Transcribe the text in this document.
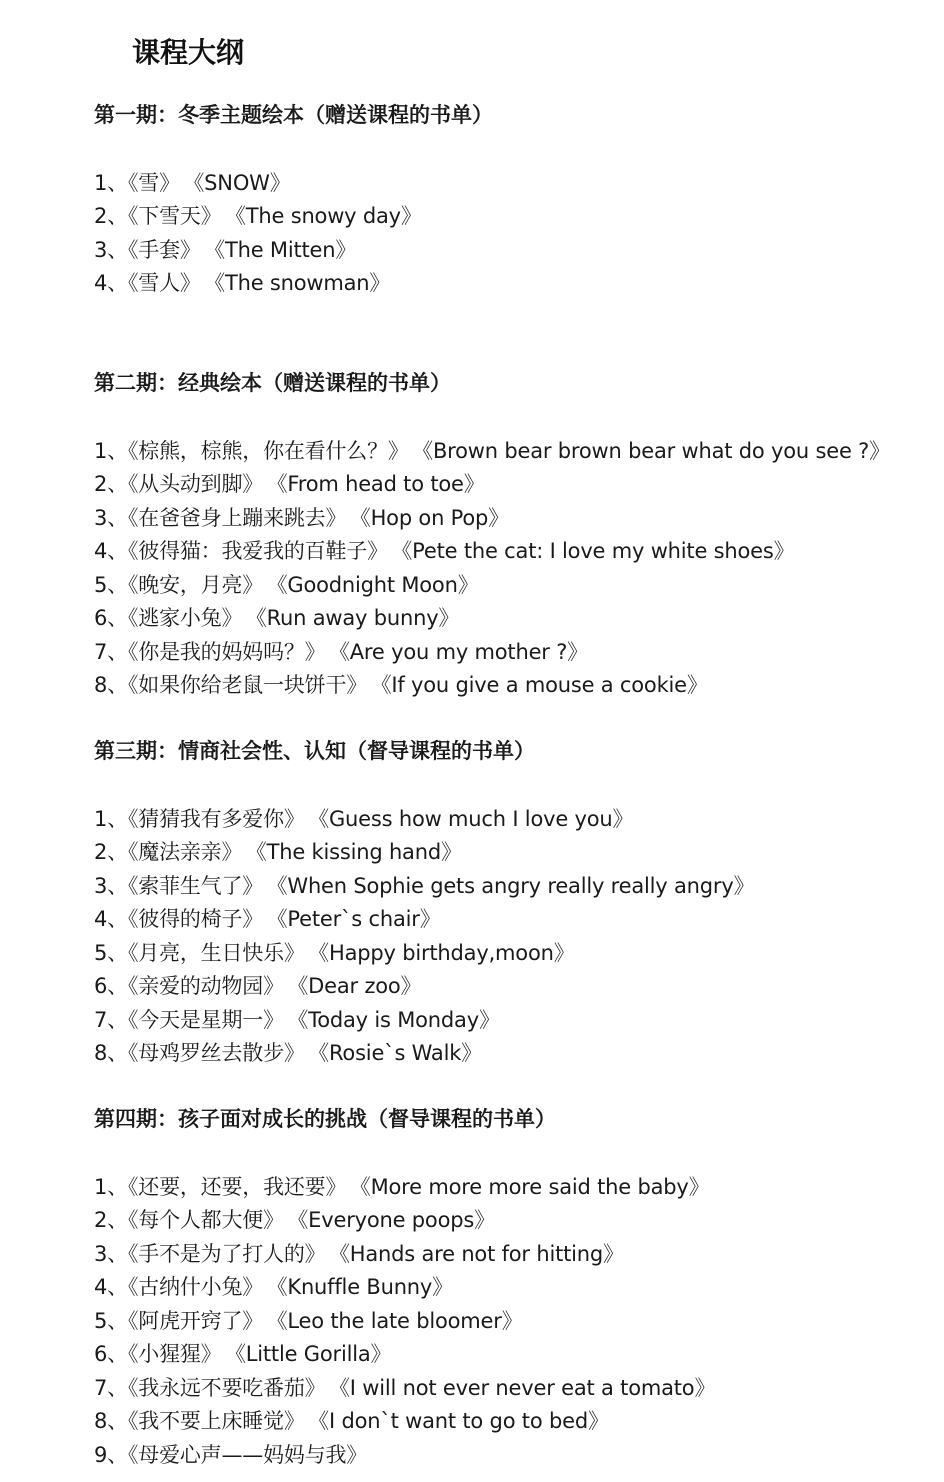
课程大纲
第一期：冬季主题绘本（赠送课程的书单）
1、《雪》 《SNOW》
2、《下雪天》 《The snowy day》
3、《手套》 《The Mitten》
4、《雪人》 《The snowman》
第二期：经典绘本（赠送课程的书单）
1、《棕熊，棕熊，你在看什么？》 《Brown bear brown bear what do you see ?》
2、《从头动到脚》 《From head to toe》
3、《在爸爸身上蹦来跳去》 《Hop on Pop》
4、《彼得猫：我爱我的百鞋子》 《Pete the cat: I love my white shoes》
5、《晚安，月亮》 《Goodnight Moon》
6、《逃家小兔》 《Run away bunny》
7、《你是我的妈妈吗？》 《Are you my mother ?》
8、《如果你给老鼠一块饼干》 《If you give a mouse a cookie》
第三期：情商社会性、认知（督导课程的书单）
1、《猜猜我有多爱你》 《Guess how much I love you》
2、《魔法亲亲》 《The kissing hand》
3、《索菲生气了》 《When Sophie gets angry really really angry》
4、《彼得的椅子》 《Peter`s chair》
5、《月亮，生日快乐》 《Happy birthday,moon》
6、《亲爱的动物园》 《Dear zoo》
7、《今天是星期一》 《Today is Monday》
8、《母鸡罗丝去散步》 《Rosie`s Walk》
第四期：孩子面对成长的挑战（督导课程的书单）
1、《还要，还要，我还要》 《More more more said the baby》
2、《每个人都大便》 《Everyone poops》
3、《手不是为了打人的》 《Hands are not for hitting》
4、《古纳什小兔》 《Knuffle Bunny》
5、《阿虎开窍了》 《Leo the late bloomer》
6、《小猩猩》 《Little Gorilla》
7、《我永远不要吃番茄》 《I will not ever never eat a tomato》
8、《我不要上床睡觉》 《I don`t want to go to bed》
9、《母爱心声——妈妈与我》
